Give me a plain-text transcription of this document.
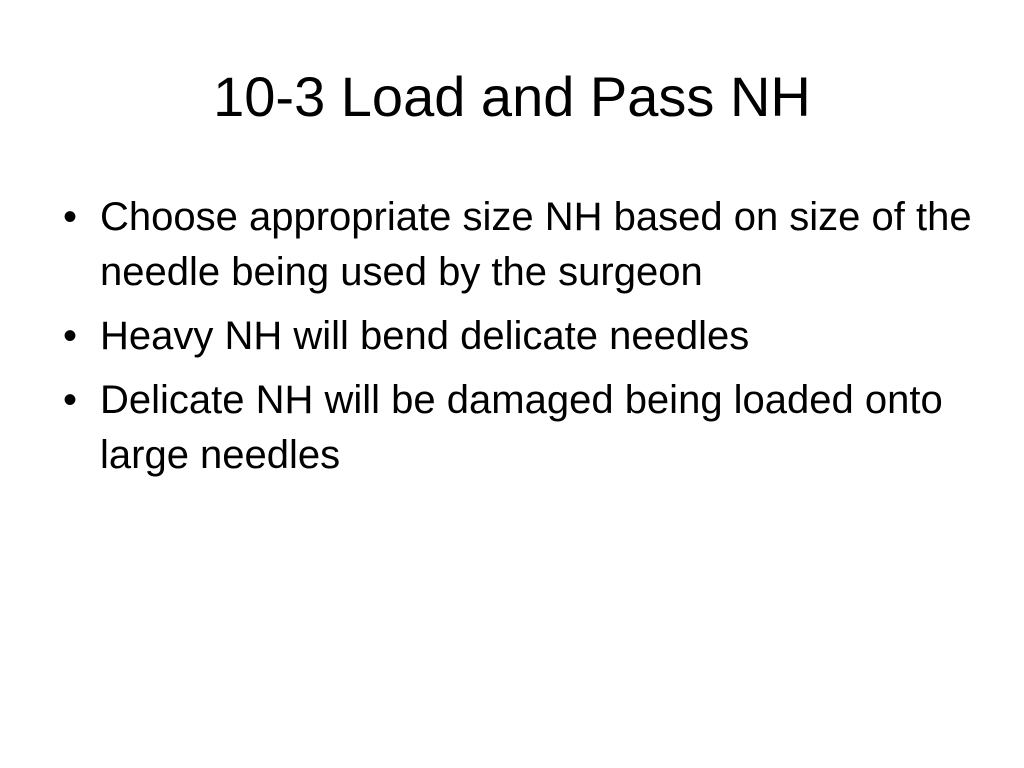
10-3 Load and Pass NH
• Choose appropriate size NH based on size of the needle being used by the surgeon
• Heavy NH will bend delicate needles
• Delicate NH will be damaged being loaded onto large needles
